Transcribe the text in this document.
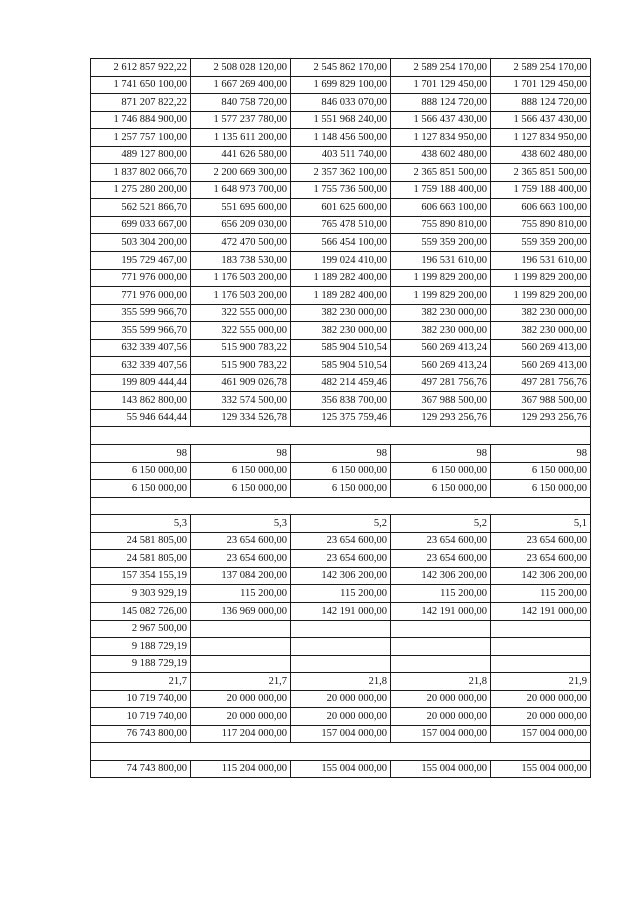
2 612 857 922,22	2 508 028 120,00	2 545 862 170,00	2 589 254 170,00	2 589 254 170,00
1 741 650 100,00	1 667 269 400,00	1 699 829 100,00	1 701 129 450,00	1 701 129 450,00
871 207 822,22	840 758 720,00	846 033 070,00	888 124 720,00	888 124 720,00
1 746 884 900,00	1 577 237 780,00	1 551 968 240,00	1 566 437 430,00	1 566 437 430,00
1 257 757 100,00	1 135 611 200,00	1 148 456 500,00	1 127 834 950,00	1 127 834 950,00
489 127 800,00	441 626 580,00	403 511 740,00	438 602 480,00	438 602 480,00
1 837 802 066,70	2 200 669 300,00	2 357 362 100,00	2 365 851 500,00	2 365 851 500,00
1 275 280 200,00	1 648 973 700,00	1 755 736 500,00	1 759 188 400,00	1 759 188 400,00
562 521 866,70	551 695 600,00	601 625 600,00	606 663 100,00	606 663 100,00
699 033 667,00	656 209 030,00	765 478 510,00	755 890 810,00	755 890 810,00
503 304 200,00	472 470 500,00	566 454 100,00	559 359 200,00	559 359 200,00
195 729 467,00	183 738 530,00	199 024 410,00	196 531 610,00	196 531 610,00
771 976 000,00	1 176 503 200,00	1 189 282 400,00	1 199 829 200,00	1 199 829 200,00
771 976 000,00	1 176 503 200,00	1 189 282 400,00	1 199 829 200,00	1 199 829 200,00
355 599 966,70	322 555 000,00	382 230 000,00	382 230 000,00	382 230 000,00
355 599 966,70	322 555 000,00	382 230 000,00	382 230 000,00	382 230 000,00
632 339 407,56	515 900 783,22	585 904 510,54	560 269 413,24	560 269 413,00
632 339 407,56	515 900 783,22	585 904 510,54	560 269 413,24	560 269 413,00
199 809 444,44	461 909 026,78	482 214 459,46	497 281 756,76	497 281 756,76
143 862 800,00	332 574 500,00	356 838 700,00	367 988 500,00	367 988 500,00
55 946 644,44	129 334 526,78	125 375 759,46	129 293 256,76	129 293 256,76

98	98	98	98	98
6 150 000,00	6 150 000,00	6 150 000,00	6 150 000,00	6 150 000,00
6 150 000,00	6 150 000,00	6 150 000,00	6 150 000,00	6 150 000,00

5,3	5,3	5,2	5,2	5,1
24 581 805,00	23 654 600,00	23 654 600,00	23 654 600,00	23 654 600,00
24 581 805,00	23 654 600,00	23 654 600,00	23 654 600,00	23 654 600,00
157 354 155,19	137 084 200,00	142 306 200,00	142 306 200,00	142 306 200,00
9 303 929,19	115 200,00	115 200,00	115 200,00	115 200,00
145 082 726,00	136 969 000,00	142 191 000,00	142 191 000,00	142 191 000,00
2 967 500,00				
9 188 729,19				
9 188 729,19				
21,7	21,7	21,8	21,8	21,9
10 719 740,00	20 000 000,00	20 000 000,00	20 000 000,00	20 000 000,00
10 719 740,00	20 000 000,00	20 000 000,00	20 000 000,00	20 000 000,00
76 743 800,00	117 204 000,00	157 004 000,00	157 004 000,00	157 004 000,00

74 743 800,00	115 204 000,00	155 004 000,00	155 004 000,00	155 004 000,00
